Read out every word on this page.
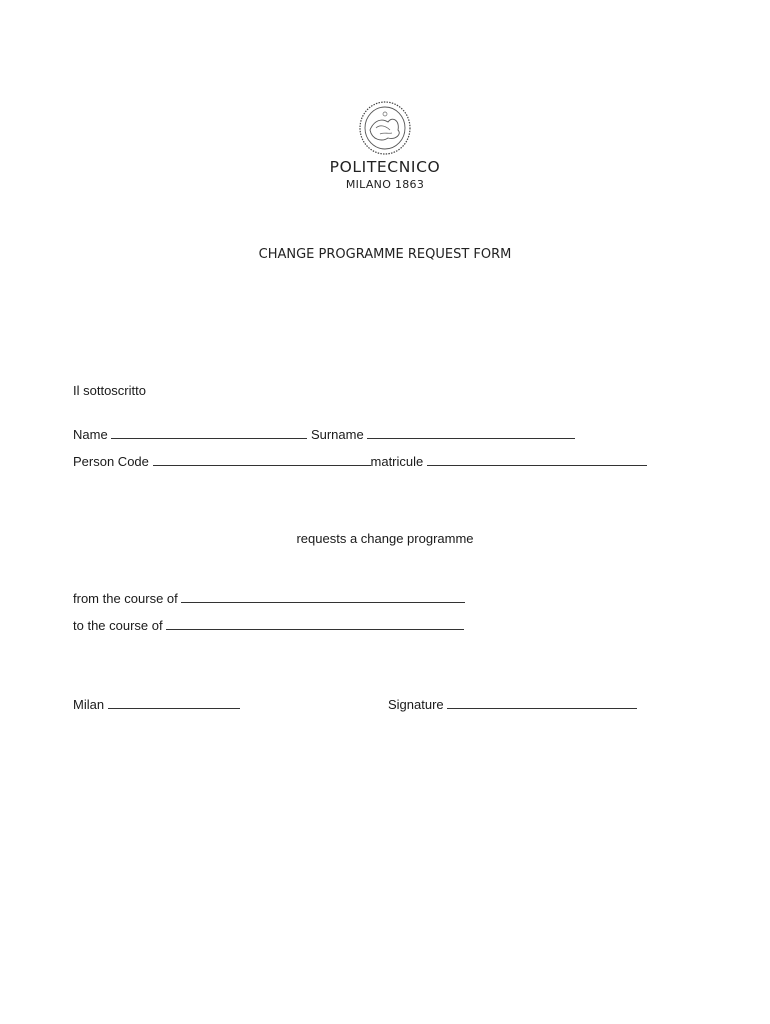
POLITECNICO
MILANO 1863
CHANGE PROGRAMME REQUEST FORM
Il sottoscritto
Name	Surname
Person Code	matricule
requests a change programme
from the course of
to the course of
Milan	Signature
